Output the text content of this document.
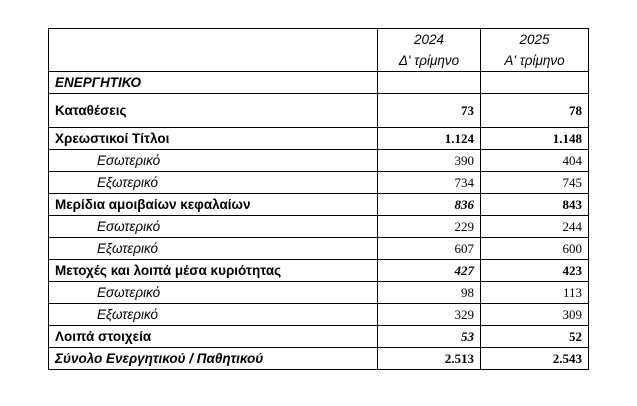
	2024	2025
	Δ' τρίμηνο	Α' τρίμηνο
ΕΝΕΡΓΗΤΙΚΟ		
Καταθέσεις	73	78
Χρεωστικοί Τίτλοι	1.124	1.148
Εσωτερικό	390	404
Εξωτερικό	734	745
Μερίδια αμοιβαίων κεφαλαίων	836	843
Εσωτερικό	229	244
Εξωτερικό	607	600
Μετοχές και λοιπά μέσα κυριότητας	427	423
Εσωτερικό	98	113
Εξωτερικό	329	309
Λοιπά στοιχεία	53	52
Σύνολο Ενεργητικού / Παθητικού	2.513	2.543
